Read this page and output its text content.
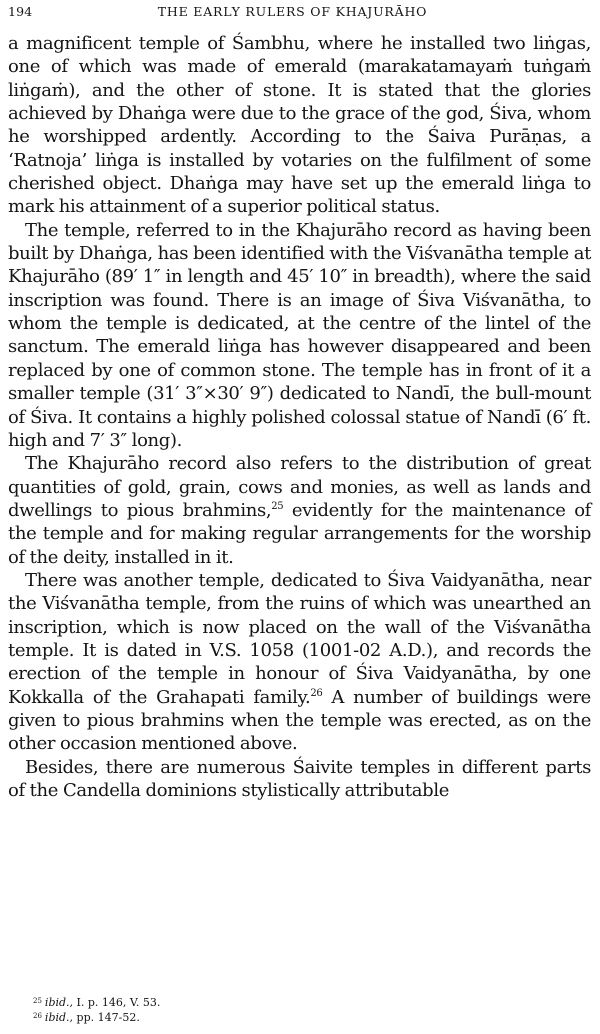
194	THE EARLY RULERS OF KHAJURĀHO

a magnificent temple of Śambhu, where he installed two liṅgas, one of which was made of emerald (marakatamayaṁ tuṅgaṁ liṅgaṁ), and the other of stone. It is stated that the glories achieved by Dhaṅga were due to the grace of the god, Śiva, whom he worshipped ardently. According to the Śaiva Purāṇas, a ‘Ratnoja’ liṅga is installed by votaries on the fulfilment of some cherished object. Dhaṅga may have set up the emerald liṅga to mark his attainment of a superior political status.

The temple, referred to in the Khajurāho record as having been built by Dhaṅga, has been identified with the Viśvanātha temple at Khajurāho (89′ 1″ in length and 45′ 10″ in breadth), where the said inscription was found. There is an image of Śiva Viśvanātha, to whom the temple is dedicated, at the centre of the lintel of the sanctum. The emerald liṅga has however disappeared and been replaced by one of common stone. The temple has in front of it a smaller temple (31′ 3″×30′ 9″) dedicated to Nandī, the bull-mount of Śiva. It contains a highly polished colossal statue of Nandī (6′ ft. high and 7′ 3″ long).

The Khajurāho record also refers to the distribution of great quantities of gold, grain, cows and monies, as well as lands and dwellings to pious brahmins,$^{25}$ evidently for the maintenance of the temple and for making regular arrangements for the worship of the deity, installed in it.

There was another temple, dedicated to Śiva Vaidyanātha, near the Viśvanātha temple, from the ruins of which was unearthed an inscription, which is now placed on the wall of the Viśvanātha temple. It is dated in V.S. 1058 (1001-02 A.D.), and records the erection of the temple in honour of Śiva Vaidyanātha, by one Kokkalla of the Grahapati family.$^{26}$ A number of buildings were given to pious brahmins when the temple was erected, as on the other occasion mentioned above.

Besides, there are numerous Śaivite temples in different parts of the Candella dominions stylistically attributable

$^{25}$ ibid., I. p. 146, V. 53.
$^{26}$ ibid., pp. 147-52.
